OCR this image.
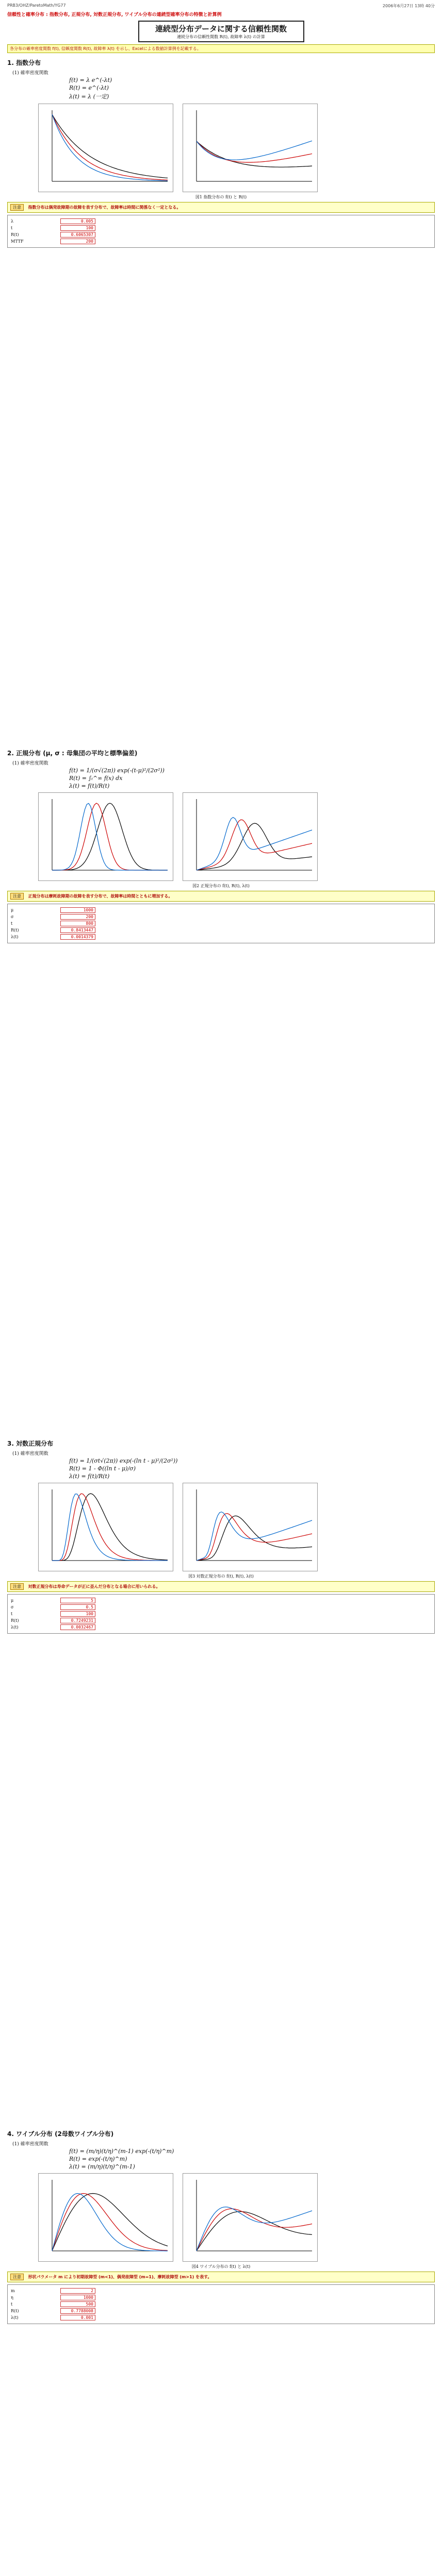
PRB3/OHZ/ParetoMath/YG77	2006年6月27日 13時 40分
信頼性と確率分布 : 指数分布, 正規分布, 対数正規分布, ワイブル分布の連続型確率分布の特徴と計算例
連続型分布データに関する信頼性関数
連続分布の信頼性関数 R(t), 故障率 λ(t) の計算
各分布の確率密度関数 f(t), 信頼度関数 R(t), 故障率 λ(t) を示し、Excelによる数値計算例を記載する。
1. 指数分布
(1) 確率密度関数
f(t) = λ e^(-λt)
R(t) = e^(-λt)
λ(t) = λ (一定)
図1 指数分布の f(t) と R(t)
注意 指数分布は偶発故障期の故障を表す分布で、故障率は時間に関係なく一定となる。
λ	0.005
t	100
R(t)	0.6065307
MTTF	200
2. 正規分布 (μ, σ : 母集団の平均と標準偏差)
(1) 確率密度関数
f(t) = 1/(σ√(2π)) exp(-(t-μ)²/(2σ²))
R(t) = ∫ₜ^∞ f(x) dx
λ(t) = f(t)/R(t)
図2 正規分布の f(t), R(t), λ(t)
注意 正規分布は摩耗故障期の故障を表す分布で、故障率は時間とともに増加する。
μ	1000
σ	200
t	800
R(t)	0.8413447
λ(t)	0.0014379
3. 対数正規分布
(1) 確率密度関数
f(t) = 1/(σt√(2π)) exp(-(ln t - μ)²/(2σ²))
R(t) = 1 - Φ((ln t - μ)/σ)
λ(t) = f(t)/R(t)
図3 対数正規分布の f(t), R(t), λ(t)
注意 対数正規分布は寿命データが正に歪んだ分布となる場合に用いられる。
μ	5
σ	0.5
t	100
R(t)	0.7249231
λ(t)	0.0032467
4. ワイブル分布 (2母数ワイブル分布)
(1) 確率密度関数
f(t) = (m/η)(t/η)^(m-1) exp(-(t/η)^m)
R(t) = exp(-(t/η)^m)
λ(t) = (m/η)(t/η)^(m-1)
図4 ワイブル分布の f(t) と λ(t)
注意 形状パラメータ m により初期故障型 (m<1)、偶発故障型 (m=1)、摩耗故障型 (m>1) を表す。
m	2
η	1000
t	500
R(t)	0.7788008
λ(t)	0.001
